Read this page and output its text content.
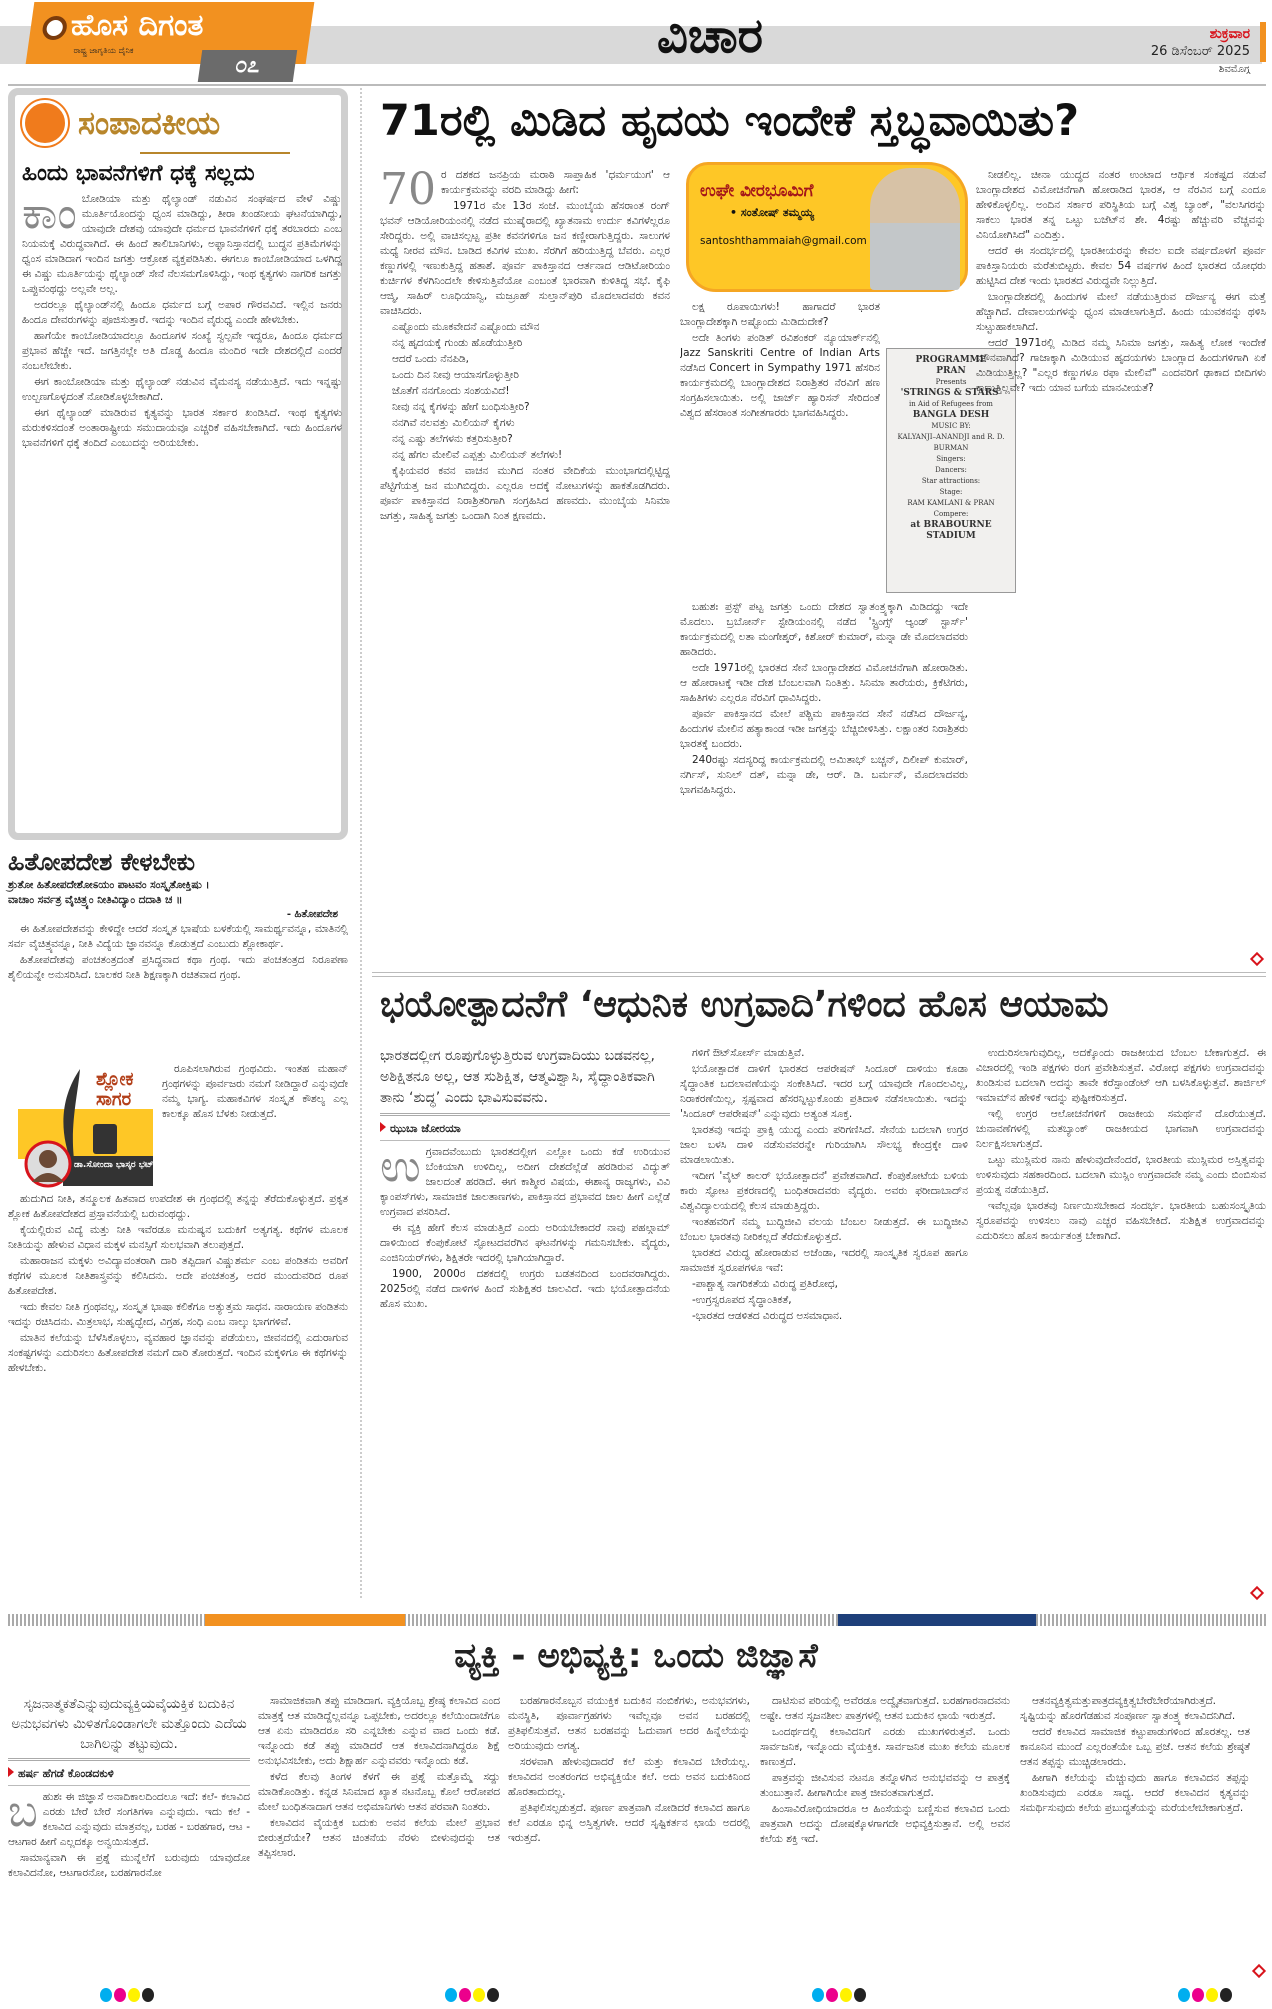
ಹೊಸ ದಿಗಂತ
ರಾಷ್ಟ್ರ ಜಾಗೃತಿಯ ದೈನಿಕ
೦೭
ವಿಚಾರ	ಶುಕ್ರವಾರ
26 ಡಿಸೆಂಬರ್ 2025
ಶಿವಮೊಗ್ಗ
ಸಂಪಾದಕೀಯ
ಹಿಂದು ಭಾವನೆಗಳಿಗೆ ಧಕ್ಕೆ ಸಲ್ಲದು
ಕಾಂ ಬೋಡಿಯಾ ಮತ್ತು ಥೈಲ್ಯಾಂಡ್ ನಡುವಿನ ಸಂಘರ್ಷದ ವೇಳೆ ವಿಷ್ಣು ಮೂರ್ತಿಯೊಂದನ್ನು ಧ್ವಂಸ ಮಾಡಿದ್ದು, ತೀರಾ ಖಂಡನೀಯ ಘಟನೆಯಾಗಿದ್ದು, ಯಾವುದೇ ದೇಶವು ಯಾವುದೇ ಧರ್ಮದ ಭಾವನೆಗಳಿಗೆ ಧಕ್ಕೆ ತರಬಾರದು ಎಂಬ ನಿಯಮಕ್ಕೆ ವಿರುದ್ಧವಾಗಿದೆ. ಈ ಹಿಂದೆ ತಾಲಿಬಾನಿಗಳು, ಅಫ್ಘಾನಿಸ್ತಾನದಲ್ಲಿ ಬುದ್ಧನ ಪ್ರತಿಮೆಗಳನ್ನು ಧ್ವಂಸ ಮಾಡಿದಾಗ ಇಂದಿನ ಜಗತ್ತು ಆಕ್ರೋಶ ವ್ಯಕ್ತಪಡಿಸಿತು. ಈಗಲೂ ಕಾಂಬೋಡಿಯಾದ ಒಳಗಿದ್ದ ಈ ವಿಷ್ಣು ಮೂರ್ತಿಯನ್ನು ಥೈಲ್ಯಾಂಡ್ ಸೇನೆ ನೆಲಸಮಗೊಳಿಸಿದ್ದು, ಇಂಥ ಕೃತ್ಯಗಳು ನಾಗರಿಕ ಜಗತ್ತು ಒಪ್ಪುವಂಥದ್ದು ಅಲ್ಲವೇ ಅಲ್ಲ.

ಅದರಲ್ಲೂ ಥೈಲ್ಯಾಂಡ್‌ನಲ್ಲಿ ಹಿಂದೂ ಧರ್ಮದ ಬಗ್ಗೆ ಅಪಾರ ಗೌರವವಿದೆ. ಇಲ್ಲಿನ ಜನರು ಹಿಂದೂ ದೇವರುಗಳನ್ನು ಪೂಜಿಸುತ್ತಾರೆ. ಇದನ್ನು ಇಂದಿನ ವೈರುಧ್ಯ ಎಂದೇ ಹೇಳಬೇಕು.

ಹಾಗೆಯೇ ಕಾಂಬೋಡಿಯಾದಲ್ಲೂ ಹಿಂದೂಗಳ ಸಂಖ್ಯೆ ಸ್ವಲ್ಪವೇ ಇದ್ದರೂ, ಹಿಂದೂ ಧರ್ಮದ ಪ್ರಭಾವ ಹೆಚ್ಚೇ ಇದೆ. ಜಗತ್ತಿನಲ್ಲೇ ಅತಿ ದೊಡ್ಡ ಹಿಂದೂ ಮಂದಿರ ಇದೇ ದೇಶದಲ್ಲಿದೆ ಎಂದರೆ ನಂಬಲೇಬೇಕು.

ಈಗ ಕಾಂಬೋಡಿಯಾ ಮತ್ತು ಥೈಲ್ಯಾಂಡ್ ನಡುವಿನ ವೈಮನಸ್ಯ ನಡೆಯುತ್ತಿದೆ. ಇದು ಇನ್ನಷ್ಟು ಉಲ್ಬಣಗೊಳ್ಳದಂತೆ ನೋಡಿಕೊಳ್ಳಬೇಕಾಗಿದೆ.

ಈಗ ಥೈಲ್ಯಾಂಡ್ ಮಾಡಿರುವ ಕೃತ್ಯವನ್ನು ಭಾರತ ಸರ್ಕಾರ ಖಂಡಿಸಿದೆ. ಇಂಥ ಕೃತ್ಯಗಳು ಮರುಕಳಿಸದಂತೆ ಅಂತಾರಾಷ್ಟ್ರೀಯ ಸಮುದಾಯವೂ ಎಚ್ಚರಿಕೆ ವಹಿಸಬೇಕಾಗಿದೆ. ಇದು ಹಿಂದೂಗಳ ಭಾವನೆಗಳಿಗೆ ಧಕ್ಕೆ ತಂದಿದೆ ಎಂಬುದನ್ನು ಅರಿಯಬೇಕು.

ಹಿತೋಪದೇಶ ಕೇಳಬೇಕು
ಶ್ರುತೋ ಹಿತೋಪದೇಶೋಽಯಂ ಪಾಟವಂ ಸಂಸ್ಕೃತೋಕ್ತಿಷು ।
ವಾಚಾಂ ಸರ್ವತ್ರ ವೈಚಿತ್ರ್ಯಂ ನೀತಿವಿದ್ಯಾಂ ದದಾತಿ ಚ ॥
- ಹಿತೋಪದೇಶ

ಈ ಹಿತೋಪದೇಶವನ್ನು ಕೇಳಿದ್ದೇ ಆದರೆ ಸಂಸ್ಕೃತ ಭಾಷೆಯ ಬಳಕೆಯಲ್ಲಿ ಸಾಮರ್ಥ್ಯವನ್ನೂ, ಮಾತಿನಲ್ಲಿ ಸರ್ವ ವೈಚಿತ್ರ್ಯವನ್ನೂ, ನೀತಿ ವಿದ್ಯೆಯ ಜ್ಞಾನವನ್ನೂ ಕೊಡುತ್ತದೆ ಎಂಬುದು ಶ್ಲೋಕಾರ್ಥ.

ಹಿತೋಪದೇಶವು ಪಂಚತಂತ್ರದಂತೆ ಪ್ರಸಿದ್ಧವಾದ ಕಥಾ ಗ್ರಂಥ. ಇದು ಪಂಚತಂತ್ರದ ನಿರೂಪಣಾ ಶೈಲಿಯನ್ನೇ ಅನುಸರಿಸಿದೆ. ಬಾಲಕರ ನೀತಿ ಶಿಕ್ಷಣಕ್ಕಾಗಿ ರಚಿತವಾದ ಗ್ರಂಥ.

ಶ್ಲೋಕ
ಸಾಗರ
ಡಾ.ಸೋಂದಾ ಭಾಸ್ಕರ ಭಟ್

ರೂಪಿಸಲಾಗಿರುವ ಗ್ರಂಥವಿದು. ಇಂತಹ ಮಹಾನ್ ಗ್ರಂಥಗಳನ್ನು ಪೂರ್ವಜರು ನಮಗೆ ನೀಡಿದ್ದಾರೆ ಎನ್ನುವುದೇ ನಮ್ಮ ಭಾಗ್ಯ. ಮಹಾಕವಿಗಳ ಸಂಸ್ಕೃತ ಕೌಶಲ್ಯ ಎಲ್ಲ ಕಾಲಕ್ಕೂ ಹೊಸ ಬೆಳಕು ನೀಡುತ್ತದೆ.

ಹುದುಗಿದ ನೀತಿ, ತನ್ಮೂಲಕ ಹಿತವಾದ ಉಪದೇಶ ಈ ಗ್ರಂಥದಲ್ಲಿ ತನ್ನನ್ನು ತೆರೆದುಕೊಳ್ಳುತ್ತದೆ. ಪ್ರಕೃತ ಶ್ಲೋಕ ಹಿತೋಪದೇಶದ ಪ್ರಸ್ತಾವನೆಯಲ್ಲಿ ಬರುವಂಥದ್ದು.

ಕೈಯಲ್ಲಿರುವ ವಿದ್ಯೆ ಮತ್ತು ನೀತಿ ಇವೆರಡೂ ಮನುಷ್ಯನ ಬದುಕಿಗೆ ಅತ್ಯಗತ್ಯ. ಕಥೆಗಳ ಮೂಲಕ ನೀತಿಯನ್ನು ಹೇಳುವ ವಿಧಾನ ಮಕ್ಕಳ ಮನಸ್ಸಿಗೆ ಸುಲಭವಾಗಿ ತಲುಪುತ್ತದೆ.

ಮಹಾರಾಜನ ಮಕ್ಕಳು ಅವಿದ್ಯಾವಂತರಾಗಿ ದಾರಿ ತಪ್ಪಿದಾಗ ವಿಷ್ಣುಶರ್ಮ ಎಂಬ ಪಂಡಿತನು ಅವರಿಗೆ ಕಥೆಗಳ ಮೂಲಕ ನೀತಿಶಾಸ್ತ್ರವನ್ನು ಕಲಿಸಿದನು. ಅದೇ ಪಂಚತಂತ್ರ, ಅದರ ಮುಂದುವರಿದ ರೂಪ ಹಿತೋಪದೇಶ.

ಇದು ಕೇವಲ ನೀತಿ ಗ್ರಂಥವಲ್ಲ, ಸಂಸ್ಕೃತ ಭಾಷಾ ಕಲಿಕೆಗೂ ಅತ್ಯುತ್ತಮ ಸಾಧನ. ನಾರಾಯಣ ಪಂಡಿತನು ಇದನ್ನು ರಚಿಸಿದನು. ಮಿತ್ರಲಾಭ, ಸುಹೃದ್ಭೇದ, ವಿಗ್ರಹ, ಸಂಧಿ ಎಂಬ ನಾಲ್ಕು ಭಾಗಗಳಿವೆ.

ಮಾತಿನ ಕಲೆಯನ್ನು ಬೆಳೆಸಿಕೊಳ್ಳಲು, ವ್ಯವಹಾರ ಜ್ಞಾನವನ್ನು ಪಡೆಯಲು, ಜೀವನದಲ್ಲಿ ಎದುರಾಗುವ ಸಂಕಷ್ಟಗಳನ್ನು ಎದುರಿಸಲು ಹಿತೋಪದೇಶ ನಮಗೆ ದಾರಿ ತೋರುತ್ತದೆ. ಇಂದಿನ ಮಕ್ಕಳಿಗೂ ಈ ಕಥೆಗಳನ್ನು ಹೇಳಬೇಕು.

71ರಲ್ಲಿ ಮಿಡಿದ ಹೃದಯ ಇಂದೇಕೆ ಸ್ತಬ್ಧವಾಯಿತು?
70 ರ ದಶಕದ ಜನಪ್ರಿಯ ಮರಾಠಿ ಸಾಪ್ತಾಹಿಕ 'ಧರ್ಮಯುಗ' ಆ ಕಾರ್ಯಕ್ರಮವನ್ನು ವರದಿ ಮಾಡಿದ್ದು ಹೀಗೆ:

1971ರ ಮೇ 13ರ ಸಂಜೆ. ಮುಂಬೈಯ ಹೆಸರಾಂತ ರಂಗ್ ಭವನ್ ಆಡಿಯೋರಿಯಂನಲ್ಲಿ ನಡೆದ ಮುಷೈರಾದಲ್ಲಿ ಖ್ಯಾತನಾಮ ಉರ್ದು ಕವಿಗಳೆಲ್ಲರೂ ಸೇರಿದ್ದರು. ಅಲ್ಲಿ ವಾಚಿಸಲ್ಪಟ್ಟ ಪ್ರತೀ ಕವನಗಳಿಗೂ ಜನ ಕಣ್ಣೀರಾಗುತ್ತಿದ್ದರು. ಸಾಲುಗಳ ಮಧ್ಯೆ ನೀರವ ಮೌನ. ಬಾಡಿದ ಕವಿಗಳ ಮುಖ. ಸೆರಗಿಗೆ ಹರಿಯುತ್ತಿದ್ದ ಬೆವರು. ಎಲ್ಲರ ಕಣ್ಣುಗಳಲ್ಲಿ ಇಣುಕುತ್ತಿದ್ದ ಹತಾಶೆ. ಪೂರ್ವ ಪಾಕಿಸ್ತಾನದ ಆರ್ತನಾದ ಆಡಿಟೋರಿಯಂ ಕುರ್ಚಿಗಳ ಕೆಳಗಿನಿಂದಲೇ ಕೇಳಿಸುತ್ತಿವೆಯೋ ಎಂಬಂತೆ ಭಾರವಾಗಿ ಕುಳಿತಿದ್ದ ಸಭೆ. ಕೈಫಿ ಆಜ್ಮಿ, ಸಾಹಿರ್ ಲೂಧಿಯಾನ್ವಿ, ಮಜ್ರೂಹ್ ಸುಲ್ತಾನ್‌ಪುರಿ ಮೊದಲಾದವರು ಕವನ ವಾಚಿಸಿದರು.

ಎಷ್ಟೊಂದು ಮೂಕವೇದನೆ ಎಷ್ಟೊಂದು ಮೌನ

ನನ್ನ ಹೃದಯಕ್ಕೆ ಗುಂಡು ಹೊಡೆಯುತ್ತೀರಿ

ಆದರೆ ಒಂದು ನೆನಪಿಡಿ,

ಒಂದು ದಿನ ನೀವು ಆಯಾಸಗೊಳ್ಳುತ್ತೀರಿ

ಜೊತೆಗೆ ನನಗೊಂದು ಸಂಶಯವಿದೆ!

ನೀವು ನನ್ನ ಕೈಗಳನ್ನು ಹೇಗೆ ಬಂಧಿಸುತ್ತೀರಿ?

ನನಗಿವೆ ನಲವತ್ತು ಮಿಲಿಯನ್ ಕೈಗಳು

ನನ್ನ ಎಷ್ಟು ತಲೆಗಳನು ಕತ್ತರಿಸುತ್ತೀರಿ?

ನನ್ನ ಹೆಗಲ ಮೇಲಿವೆ ಎಪ್ಪತ್ತು ಮಿಲಿಯನ್ ತಲೆಗಳು!

ಕೈಫಿಯವರ ಕವನ ವಾಚನ ಮುಗಿದ ನಂತರ ವೇದಿಕೆಯ ಮುಂಭಾಗದಲ್ಲಿಟ್ಟಿದ್ದ ಪೆಟ್ಟಿಗೆಯತ್ತ ಜನ ಮುಗಿಬಿದ್ದರು. ಎಲ್ಲರೂ ಅದಕ್ಕೆ ನೋಟುಗಳನ್ನು ಹಾಕತೊಡಗಿದರು. ಪೂರ್ವ ಪಾಕಿಸ್ತಾನದ ನಿರಾಶ್ರಿತರಿಗಾಗಿ ಸಂಗ್ರಹಿಸಿದ ಹಣವದು. ಮುಂಬೈಯ ಸಿನಿಮಾ ಜಗತ್ತು, ಸಾಹಿತ್ಯ ಜಗತ್ತು ಒಂದಾಗಿ ನಿಂತ ಕ್ಷಣವದು.

ಉಘೇ ವೀರಭೂಮಿಗೆ
• ಸಂತೋಷ್ ತಮ್ಮಯ್ಯ
santoshthammaiah@gmail.com

ಲಕ್ಷ ರೂಪಾಯಿಗಳು! ಹಾಗಾದರೆ ಭಾರತ ಬಾಂಗ್ಲಾದೇಶಕ್ಕಾಗಿ ಅಷ್ಟೊಂದು ಮಿಡಿದುದೇಕೆ?

ಅದೇ ತಿಂಗಳು ಪಂಡಿತ್ ರವಿಶಂಕರ್ ನ್ಯೂಯಾರ್ಕ್‌ನಲ್ಲಿ Jazz Sanskriti Centre of Indian Arts ನಡೆಸಿದ Concert in Sympathy 1971 ಹೆಸರಿನ ಕಾರ್ಯಕ್ರಮದಲ್ಲಿ ಬಾಂಗ್ಲಾದೇಶದ ನಿರಾಶ್ರಿತರ ನೆರವಿಗೆ ಹಣ ಸಂಗ್ರಹಿಸಲಾಯಿತು. ಅಲ್ಲಿ ಜಾರ್ಜ್ ಹ್ಯಾರಿಸನ್ ಸೇರಿದಂತೆ ವಿಶ್ವದ ಹೆಸರಾಂತ ಸಂಗೀತಗಾರರು ಭಾಗವಹಿಸಿದ್ದರು.

PROGRAMME
PRAN
Presents
'STRINGS & STARS'
in Aid of Refugees from
BANGLA DESH
MUSIC BY:
KALYANJI–ANANDJI and R. D. BURMAN
Singers:
Dancers:
Star attractions:
Stage:
RAM KAMLANI & PRAN
Compere:
at BRABOURNE STADIUM

ಬಹುಶಃ ಪ್ರಸ್ಟ್ ಪಟ್ಟ ಜಗತ್ತು ಒಂದು ದೇಶದ ಸ್ವಾತಂತ್ರ್ಯಕ್ಕಾಗಿ ಮಿಡಿದದ್ದು ಇದೇ ಮೊದಲು. ಬ್ರಬೋರ್ನ್ ಸ್ಟೇಡಿಯಂನಲ್ಲಿ ನಡೆದ 'ಸ್ಟ್ರಿಂಗ್ಸ್ ಆ್ಯಂಡ್ ಸ್ಟಾರ್ಸ್' ಕಾರ್ಯಕ್ರಮದಲ್ಲಿ ಲತಾ ಮಂಗೇಶ್ಕರ್, ಕಿಶೋರ್ ಕುಮಾರ್, ಮನ್ನಾ ಡೇ ಮೊದಲಾದವರು ಹಾಡಿದರು.

ಅದೇ 1971ರಲ್ಲಿ ಭಾರತದ ಸೇನೆ ಬಾಂಗ್ಲಾದೇಶದ ವಿಮೋಚನೆಗಾಗಿ ಹೋರಾಡಿತು. ಆ ಹೋರಾಟಕ್ಕೆ ಇಡೀ ದೇಶ ಬೆಂಬಲವಾಗಿ ನಿಂತಿತ್ತು. ಸಿನಿಮಾ ತಾರೆಯರು, ಕ್ರಿಕೆಟಿಗರು, ಸಾಹಿತಿಗಳು ಎಲ್ಲರೂ ನೆರವಿಗೆ ಧಾವಿಸಿದ್ದರು.

ಪೂರ್ವ ಪಾಕಿಸ್ತಾನದ ಮೇಲೆ ಪಶ್ಚಿಮ ಪಾಕಿಸ್ತಾನದ ಸೇನೆ ನಡೆಸಿದ ದೌರ್ಜನ್ಯ, ಹಿಂದುಗಳ ಮೇಲಿನ ಹತ್ಯಾಕಾಂಡ ಇಡೀ ಜಗತ್ತನ್ನು ಬೆಚ್ಚಿಬೀಳಿಸಿತ್ತು. ಲಕ್ಷಾಂತರ ನಿರಾಶ್ರಿತರು ಭಾರತಕ್ಕೆ ಬಂದರು.

240ರಷ್ಟು ಸದಸ್ಯರಿದ್ದ ಕಾರ್ಯಕ್ರಮದಲ್ಲಿ ಅಮಿತಾಭ್ ಬಚ್ಚನ್, ದಿಲೀಪ್ ಕುಮಾರ್, ನರ್ಗಿಸ್, ಸುನಿಲ್ ದತ್, ಮನ್ನಾ ಡೇ, ಆರ್. ಡಿ. ಬರ್ಮನ್, ಮೊದಲಾದವರು ಭಾಗವಹಿಸಿದ್ದರು.

ನೀಡಲಿಲ್ಲ. ಚೀನಾ ಯುದ್ಧದ ನಂತರ ಉಂಟಾದ ಆರ್ಥಿಕ ಸಂಕಷ್ಟದ ನಡುವೆ ಬಾಂಗ್ಲಾದೇಶದ ವಿಮೋಚನೆಗಾಗಿ ಹೋರಾಡಿದ ಭಾರತ, ಆ ನೆರವಿನ ಬಗ್ಗೆ ಎಂದೂ ಹೇಳಿಕೊಳ್ಳಲಿಲ್ಲ. ಅಂದಿನ ಸರ್ಕಾರ ಪರಿಸ್ಥಿತಿಯ ಬಗ್ಗೆ ವಿಶ್ವ ಬ್ಯಾಂಕ್, "ವಲಸಿಗರನ್ನು ಸಾಕಲು ಭಾರತ ತನ್ನ ಒಟ್ಟು ಬಜೆಟ್‌ನ ಶೇ. 4ರಷ್ಟು ಹೆಚ್ಚುವರಿ ವೆಚ್ಚವನ್ನು ವಿನಿಯೋಗಿಸಿದೆ" ಎಂದಿತ್ತು.

ಆದರೆ ಈ ಸಂದರ್ಭದಲ್ಲಿ ಭಾರತೀಯರನ್ನು ಕೇವಲ ಐದೇ ವರ್ಷದೊಳಗೆ ಪೂರ್ವ ಪಾಕಿಸ್ತಾನಿಯರು ಮರೆತುಬಿಟ್ಟರು. ಕೇವಲ 54 ವರ್ಷಗಳ ಹಿಂದೆ ಭಾರತದ ಯೋಧರು ಹುಟ್ಟಿಸಿದ ದೇಶ ಇಂದು ಭಾರತದ ವಿರುದ್ಧವೇ ನಿಲ್ಲುತ್ತಿದೆ.

ಬಾಂಗ್ಲಾದೇಶದಲ್ಲಿ ಹಿಂದುಗಳ ಮೇಲೆ ನಡೆಯುತ್ತಿರುವ ದೌರ್ಜನ್ಯ ಈಗ ಮತ್ತೆ ಹೆಚ್ಚಾಗಿದೆ. ದೇವಾಲಯಗಳನ್ನು ಧ್ವಂಸ ಮಾಡಲಾಗುತ್ತಿದೆ. ಹಿಂದು ಯುವಕನನ್ನು ಥಳಿಸಿ ಸುಟ್ಟುಹಾಕಲಾಗಿದೆ.

ಆದರೆ 1971ರಲ್ಲಿ ಮಿಡಿದ ನಮ್ಮ ಸಿನಿಮಾ ಜಗತ್ತು, ಸಾಹಿತ್ಯ ಲೋಕ ಇಂದೇಕೆ ಮೌನವಾಗಿದೆ? ಗಾಜಾಕ್ಕಾಗಿ ಮಿಡಿಯುವ ಹೃದಯಗಳು ಬಾಂಗ್ಲಾದ ಹಿಂದುಗಳಿಗಾಗಿ ಏಕೆ ಮಿಡಿಯುತ್ತಿಲ್ಲ? "ಎಲ್ಲರ ಕಣ್ಣುಗಳೂ ರಫಾ ಮೇಲಿವೆ" ಎಂದವರಿಗೆ ಢಾಕಾದ ಬೀದಿಗಳು ಕಾಣುತ್ತಿಲ್ಲವೇ? ಇದು ಯಾವ ಬಗೆಯ ಮಾನವೀಯತೆ?

ಭಯೋತ್ಪಾದನೆಗೆ ‘ಆಧುನಿಕ ಉಗ್ರವಾದಿ’ಗಳಿಂದ ಹೊಸ ಆಯಾಮ
ಭಾರತದಲ್ಲೀಗ ರೂಪುಗೊಳ್ಳುತ್ತಿರುವ ಉಗ್ರವಾದಿಯು ಬಡವನಲ್ಲ, ಅಶಿಕ್ಷಿತನೂ ಅಲ್ಲ, ಆತ ಸುಶಿಕ್ಷಿತ, ಆತ್ಮವಿಶ್ವಾಸಿ, ಸೈದ್ಧಾಂತಿಕವಾಗಿ ತಾನು ‘ಶುದ್ಧ’ ಎಂದು ಭಾವಿಸುವವನು.
ಝುಬಾ ಜೋರಯಾ
ಉ ಗ್ರವಾದವೆಂಬುದು ಭಾರತದಲ್ಲೀಗ ಎಲ್ಲೋ ಒಂದು ಕಡೆ ಉರಿಯುವ ಬೆಂಕಿಯಾಗಿ ಉಳಿದಿಲ್ಲ, ಅದೀಗ ದೇಶದೆಲ್ಲೆಡೆ ಹರಡಿರುವ ವಿದ್ಯುತ್ ಜಾಲದಂತೆ ಹರಡಿದೆ. ಈಗ ಕಾಶ್ಮೀರ ವಿಷಯ, ಈಶಾನ್ಯ ರಾಜ್ಯಗಳು, ವಿವಿ ಕ್ಯಾಂಪಸ್‌ಗಳು, ಸಾಮಾಜಿಕ ಜಾಲತಾಣಗಳು, ಪಾಕಿಸ್ತಾನದ ಪ್ರಭಾವದ ಜಾಲ ಹೀಗೆ ಎಲ್ಲೆಡೆ ಉಗ್ರವಾದ ಪಸರಿಸಿದೆ.

ಈ ವ್ಯಕ್ತಿ ಹೇಗೆ ಕೆಲಸ ಮಾಡುತ್ತಿದೆ ಎಂದು ಅರಿಯಬೇಕಾದರೆ ನಾವು ಪಹಲ್ಗಾಮ್ ದಾಳಿಯಿಂದ ಕೆಂಪುಕೋಟೆ ಸ್ಫೋಟದವರೆಗಿನ ಘಟನೆಗಳನ್ನು ಗಮನಿಸಬೇಕು. ವೈದ್ಯರು, ಎಂಜಿನಿಯರ್‌ಗಳು, ಶಿಕ್ಷಿತರೇ ಇದರಲ್ಲಿ ಭಾಗಿಯಾಗಿದ್ದಾರೆ.

1900, 2000ರ ದಶಕದಲ್ಲಿ ಉಗ್ರರು ಬಡತನದಿಂದ ಬಂದವರಾಗಿದ್ದರು. 2025ರಲ್ಲಿ ನಡೆದ ದಾಳಿಗಳ ಹಿಂದೆ ಸುಶಿಕ್ಷಿತರ ಜಾಲವಿದೆ. ಇದು ಭಯೋತ್ಪಾದನೆಯ ಹೊಸ ಮುಖ.

ಗಳಿಗೆ ಔಟ್‌ಸೋರ್ಸ್ ಮಾಡುತ್ತಿವೆ.

ಭಯೋತ್ಪಾದಕ ದಾಳಿಗೆ ಭಾರತದ ಆಪರೇಷನ್ ಸಿಂದೂರ್ ದಾಳಿಯು ಕೂಡಾ ಸೈದ್ಧಾಂತಿಕ ಬದಲಾವಣೆಯನ್ನು ಸಂಕೇತಿಸಿದೆ. ಇದರ ಬಗ್ಗೆ ಯಾವುದೇ ಗೊಂದಲವಿಲ್ಲ, ನಿರಾಕರಣೆಯಿಲ್ಲ, ಸ್ಪಷ್ಟವಾದ ಹೆಸರನ್ನಿಟ್ಟುಕೊಂಡು ಪ್ರತಿದಾಳಿ ನಡೆಸಲಾಯಿತು. ಇದನ್ನು 'ಸಿಂದೂರ್ ಆಪರೇಷನ್' ಎನ್ನುವುದು ಅತ್ಯಂತ ಸೂಕ್ತ.

ಭಾರತವು ಇದನ್ನು ಪ್ರಾಕ್ಸಿ ಯುದ್ಧ ಎಂದು ಪರಿಗಣಿಸಿದೆ. ಸೇನೆಯ ಬದಲಾಗಿ ಉಗ್ರರ ಜಾಲ ಬಳಸಿ ದಾಳಿ ನಡೆಸುವವರನ್ನೇ ಗುರಿಯಾಗಿಸಿ ಸೌಲಭ್ಯ ಕೇಂದ್ರಕ್ಕೇ ದಾಳಿ ಮಾಡಲಾಯಿತು.

ಇದೀಗ 'ವೈಟ್ ಕಾಲರ್ ಭಯೋತ್ಪಾದನೆ' ಪ್ರವೇಶವಾಗಿದೆ. ಕೆಂಪುಕೋಟೆಯ ಬಳಿಯ ಕಾರು ಸ್ಫೋಟ ಪ್ರಕರಣದಲ್ಲಿ ಬಂಧಿತರಾದವರು ವೈದ್ಯರು. ಅವರು ಫರೀದಾಬಾದ್‌ನ ವಿಶ್ವವಿದ್ಯಾಲಯದಲ್ಲಿ ಕೆಲಸ ಮಾಡುತ್ತಿದ್ದರು.

ಇಂತಹವರಿಗೆ ನಮ್ಮ ಬುದ್ಧಿಜೀವಿ ವಲಯ ಬೆಂಬಲ ನೀಡುತ್ತದೆ. ಈ ಬುದ್ಧಿಜೀವಿ ಬೆಂಬಲ ಭಾರತವು ನೀರಿಕಲ್ಲದೆ ತೆರೆದುಕೊಳ್ಳುತ್ತದೆ.

ಭಾರತದ ವಿರುದ್ಧ ಹೋರಾಡುವ ಅಜೆಂಡಾ, ಇದರಲ್ಲಿ ಸಾಂಸ್ಕೃತಿಕ ಸ್ವರೂಪ ಹಾಗೂ ಸಾಮಾಜಿಕ ಸ್ವರೂಪಗಳೂ ಇವೆ:

-ಪಾಶ್ಚಾತ್ಯ ನಾಗರಿಕತೆಯ ವಿರುದ್ಧ ಪ್ರತಿರೋಧ,

-ಉಗ್ರಸ್ವರೂಪದ ಸೈದ್ಧಾಂತಿಕತೆ,

-ಭಾರತದ ಆಡಳಿತದ ವಿರುದ್ಧದ ಅಸಮಾಧಾನ.

ಉದುರಿಸಲಾಗುವುದಿಲ್ಲ, ಅದಕ್ಕೊಂದು ರಾಜಕೀಯದ ಬೆಂಬಲ ಬೇಕಾಗುತ್ತದೆ. ಈ ವಿಚಾರದಲ್ಲಿ ಇಂಡಿ ಪಕ್ಷಗಳು ರಂಗ ಪ್ರವೇಶಿಸುತ್ತವೆ. ವಿರೋಧ ಪಕ್ಷಗಳು ಉಗ್ರವಾದವನ್ನು ಖಂಡಿಸುವ ಬದಲಾಗಿ ಅದನ್ನು ತಾವೇ ಕರೆಸ್ಪಾಂಡೆಂಟ್ ಆಗಿ ಬಳಸಿಕೊಳ್ಳುತ್ತವೆ. ಶಾರ್ಜಿಲ್ ಇಮಾಮ್‌ನ ಹೇಳಿಕೆ ಇದನ್ನು ಪುಷ್ಟೀಕರಿಸುತ್ತದೆ.

ಇಲ್ಲಿ ಉಗ್ರರ ಆಲೋಚನೆಗಳಿಗೆ ರಾಜಕೀಯ ಸಮರ್ಥನೆ ದೊರೆಯುತ್ತದೆ. ಚುನಾವಣೆಗಳಲ್ಲಿ ಮತಬ್ಯಾಂಕ್ ರಾಜಕೀಯದ ಭಾಗವಾಗಿ ಉಗ್ರವಾದವನ್ನು ನಿರ್ಲಕ್ಷಿಸಲಾಗುತ್ತದೆ.

ಒಟ್ಟು ಮುಸ್ಲಿಮರ ನಾನು ಹೇಳುವುದೇನೆಂದರೆ, ಭಾರತೀಯ ಮುಸ್ಲಿಮರ ಅಸ್ತಿತ್ವವನ್ನು ಉಳಿಸುವುದು ಸಹಕಾರದಿಂದ. ಬದಲಾಗಿ ಮುಸ್ಲಿಂ ಉಗ್ರವಾದವೇ ನಮ್ಮ ಎಂದು ಬಿಂಬಿಸುವ ಪ್ರಯತ್ನ ನಡೆಯುತ್ತಿದೆ.

ಇವೆಲ್ಲವೂ ಭಾರತವು ನಿರ್ಣಯಿಸಬೇಕಾದ ಸಂದರ್ಭ. ಭಾರತೀಯ ಬಹುಸಂಸ್ಕೃತಿಯ ಸ್ವರೂಪವನ್ನು ಉಳಿಸಲು ನಾವು ಎಚ್ಚರ ವಹಿಸಬೇಕಿದೆ. ಸುಶಿಕ್ಷಿತ ಉಗ್ರವಾದವನ್ನು ಎದುರಿಸಲು ಹೊಸ ಕಾರ್ಯತಂತ್ರ ಬೇಕಾಗಿದೆ.

ವ್ಯಕ್ತಿ - ಅಭಿವ್ಯಕ್ತಿ: ಒಂದು ಜಿಜ್ಞಾಸೆ
ಸೃಜನಾತ್ಮಕತೆಎನ್ನುವುದುವ್ಯಕ್ತಿಯವೈಯಕ್ತಿಕ ಬದುಕಿನ ಅನುಭವಗಳು ಮಿಳಿತಗೊಂಡಾಗಲೇ ಮತ್ತೊಂದು ಎದೆಯ ಬಾಗಿಲನ್ನು ತಟ್ಟುವುದು.
ಹರ್ಷ ಹೆಗಡೆ ಕೊಂಡದಕುಳಿ
ಬ ಹುಶಃ ಈ ಜಿಜ್ಞಾಸೆ ಅನಾದಿಕಾಲದಿಂದಲೂ ಇದೆ: ಕಲೆ- ಕಲಾವಿದ ಎರಡು ಬೇರೆ ಬೇರೆ ಸಂಗತಿಗಳಾ ಎನ್ನುವುದು. ಇದು ಕಲೆ - ಕಲಾವಿದ ಎನ್ನುವುದು ಮಾತ್ರವಲ್ಲ, ಬರಹ - ಬರಹಗಾರ, ಆಟ - ಆಟಗಾರ ಹೀಗೆ ಎಲ್ಲದಕ್ಕೂ ಅನ್ವಯಿಸುತ್ತದೆ.

ಸಾಮಾನ್ಯವಾಗಿ ಈ ಪ್ರಶ್ನೆ ಮುನ್ನೆಲೆಗೆ ಬರುವುದು ಯಾವುದೋ ಕಲಾವಿದನೋ, ಆಟಗಾರನೋ, ಬರಹಗಾರನೋ

ಸಾಮಾಜಿಕವಾಗಿ ತಪ್ಪು ಮಾಡಿದಾಗ. ವ್ಯಕ್ತಿಯೊಬ್ಬ ಶ್ರೇಷ್ಠ ಕಲಾವಿದ ಎಂದ ಮಾತ್ರಕ್ಕೆ ಆತ ಮಾಡಿದ್ದೆಲ್ಲವನ್ನೂ ಒಪ್ಪಬೇಕು, ಅದರಲ್ಲೂ ಕಲೆಯಿಂದಾಚೆಗೂ ಆತ ಏನು ಮಾಡಿದರೂ ಸರಿ ಎನ್ನಬೇಕು ಎನ್ನುವ ವಾದ ಒಂದು ಕಡೆ. ಇನ್ನೊಂದು ಕಡೆ ತಪ್ಪು ಮಾಡಿದರೆ ಆತ ಕಲಾವಿದನಾಗಿದ್ದರೂ ಶಿಕ್ಷೆ ಅನುಭವಿಸಬೇಕು, ಅದು ಶಿಕ್ಷಾರ್ಹ ಎನ್ನುವವರು ಇನ್ನೊಂದು ಕಡೆ.

ಕಳೆದ ಕೆಲವು ತಿಂಗಳ ಕೆಳಗೆ ಈ ಪ್ರಶ್ನೆ ಮತ್ತೊಮ್ಮೆ ಸದ್ದು ಮಾಡಿಕೊಂಡಿತ್ತು. ಕನ್ನಡ ಸಿನಿಮಾದ ಖ್ಯಾತ ನಟನೊಬ್ಬ ಕೊಲೆ ಆರೋಪದ ಮೇಲೆ ಬಂಧಿತನಾದಾಗ ಆತನ ಅಭಿಮಾನಿಗಳು ಆತನ ಪರವಾಗಿ ನಿಂತರು.

ಕಲಾವಿದನ ವೈಯಕ್ತಿಕ ಬದುಕು ಅವನ ಕಲೆಯ ಮೇಲೆ ಪ್ರಭಾವ ಬೀರುತ್ತದೆಯೇ? ಆತನ ಚಿಂತನೆಯ ನೆರಳು ಬೀಳುವುದನ್ನು ಆತ ತಪ್ಪಿಸಲಾರ.

ಬರಹಗಾರನೊಬ್ಬನ ವಯುಕ್ತಿಕ ಬದುಕಿನ ನಂಬಿಕೆಗಳು, ಅನುಭವಗಳು, ಮನಸ್ಥಿತಿ, ಪೂರ್ವಾಗ್ರಹಗಳು ಇವೆಲ್ಲವೂ ಅವನ ಬರಹದಲ್ಲಿ ಪ್ರತಿಫಲಿಸುತ್ತವೆ. ಆತನ ಬರಹವನ್ನು ಓದುವಾಗ ಅದರ ಹಿನ್ನೆಲೆಯನ್ನು ಅರಿಯುವುದು ಅಗತ್ಯ.

ಸರಳವಾಗಿ ಹೇಳುವುದಾದರೆ ಕಲೆ ಮತ್ತು ಕಲಾವಿದ ಬೇರೆಯಲ್ಲ. ಕಲಾವಿದನ ಅಂತರಂಗದ ಅಭಿವ್ಯಕ್ತಿಯೇ ಕಲೆ. ಅದು ಅವನ ಬದುಕಿನಿಂದ ಹೊರತಾದುದಲ್ಲ.

ಪ್ರತಿಫಲಿಸಲ್ಪಡುತ್ತದೆ. ಪೂರ್ಣ ಪಾತ್ರವಾಗಿ ನೋಡಿದರೆ ಕಲಾವಿದ ಹಾಗೂ ಕಲೆ ಎರಡೂ ಭಿನ್ನ ಅಸ್ತಿತ್ವಗಳೇ. ಆದರೆ ಸೃಷ್ಟಿಕರ್ತನ ಛಾಯೆ ಅದರಲ್ಲಿ ಇರುತ್ತದೆ.

ದಾಟಿಸುವ ಪರಿಯಲ್ಲಿ ಅವೆರಡೂ ಅದ್ವೈತವಾಗುತ್ತದೆ. ಬರಹಗಾರನಾದವನು ಅಷ್ಟೇ. ಆತನ ಸೃಜನಶೀಲ ಪಾತ್ರಗಳಲ್ಲಿ ಆತನ ಬದುಕಿನ ಛಾಯೆ ಇರುತ್ತದೆ.

ಒಂದರ್ಥದಲ್ಲಿ ಕಲಾವಿದನಿಗೆ ಎರಡು ಮುಖಗಳಿರುತ್ತವೆ. ಒಂದು ಸಾರ್ವಜನಿಕ, ಇನ್ನೊಂದು ವೈಯಕ್ತಿಕ. ಸಾರ್ವಜನಿಕ ಮುಖ ಕಲೆಯ ಮೂಲಕ ಕಾಣುತ್ತದೆ.

ಪಾತ್ರವನ್ನು ಜೀವಿಸುವ ನಟನೂ ತನ್ನೊಳಗಿನ ಅನುಭವವನ್ನು ಆ ಪಾತ್ರಕ್ಕೆ ತುಂಬುತ್ತಾನೆ. ಹೀಗಾಗಿಯೇ ಪಾತ್ರ ಜೀವಂತವಾಗುತ್ತದೆ.

ಹಿಂಸಾವಿರೋಧಿಯಾದರೂ ಆ ಹಿಂಸೆಯನ್ನು ಬಣ್ಣಿಸುವ ಕಲಾವಿದ ಒಂದು ಪಾತ್ರವಾಗಿ ಅದನ್ನು ದೋಷಕ್ಕೊಳಗಾಗದೇ ಅಭಿವ್ಯಕ್ತಿಸುತ್ತಾನೆ. ಅಲ್ಲಿ ಅವನ ಕಲೆಯ ಶಕ್ತಿ ಇದೆ.

ಆತನವ್ಯಕ್ತಿತ್ವಮತ್ತುಪಾತ್ರದವ್ಯಕ್ತಿತ್ವಬೇರೆಬೇರೆಯಾಗಿರುತ್ತದೆ. ಸೃಷ್ಟಿಯನ್ನು ಹೊರಗೆಡಹುವ ಸಂಪೂರ್ಣ ಸ್ವಾತಂತ್ರ್ಯ ಕಲಾವಿದನಿಗಿದೆ.

ಆದರೆ ಕಲಾವಿದ ಸಾಮಾಜಿಕ ಕಟ್ಟುಪಾಡುಗಳಿಂದ ಹೊರತಲ್ಲ. ಆತ ಕಾನೂನಿನ ಮುಂದೆ ಎಲ್ಲರಂತೆಯೇ ಒಬ್ಬ ಪ್ರಜೆ. ಆತನ ಕಲೆಯ ಶ್ರೇಷ್ಠತೆ ಆತನ ತಪ್ಪನ್ನು ಮುಚ್ಚಿಡಲಾರದು.

ಹೀಗಾಗಿ ಕಲೆಯನ್ನು ಮೆಚ್ಚುವುದು ಹಾಗೂ ಕಲಾವಿದನ ತಪ್ಪನ್ನು ಖಂಡಿಸುವುದು ಎರಡೂ ಸಾಧ್ಯ. ಆದರೆ ಕಲಾವಿದನ ಕೃತ್ಯವನ್ನು ಸಮರ್ಥಿಸುವುದು ಕಲೆಯ ಪ್ರಬುದ್ಧತೆಯನ್ನು ಮರೆಯಲೇಬೇಕಾಗುತ್ತದೆ.
